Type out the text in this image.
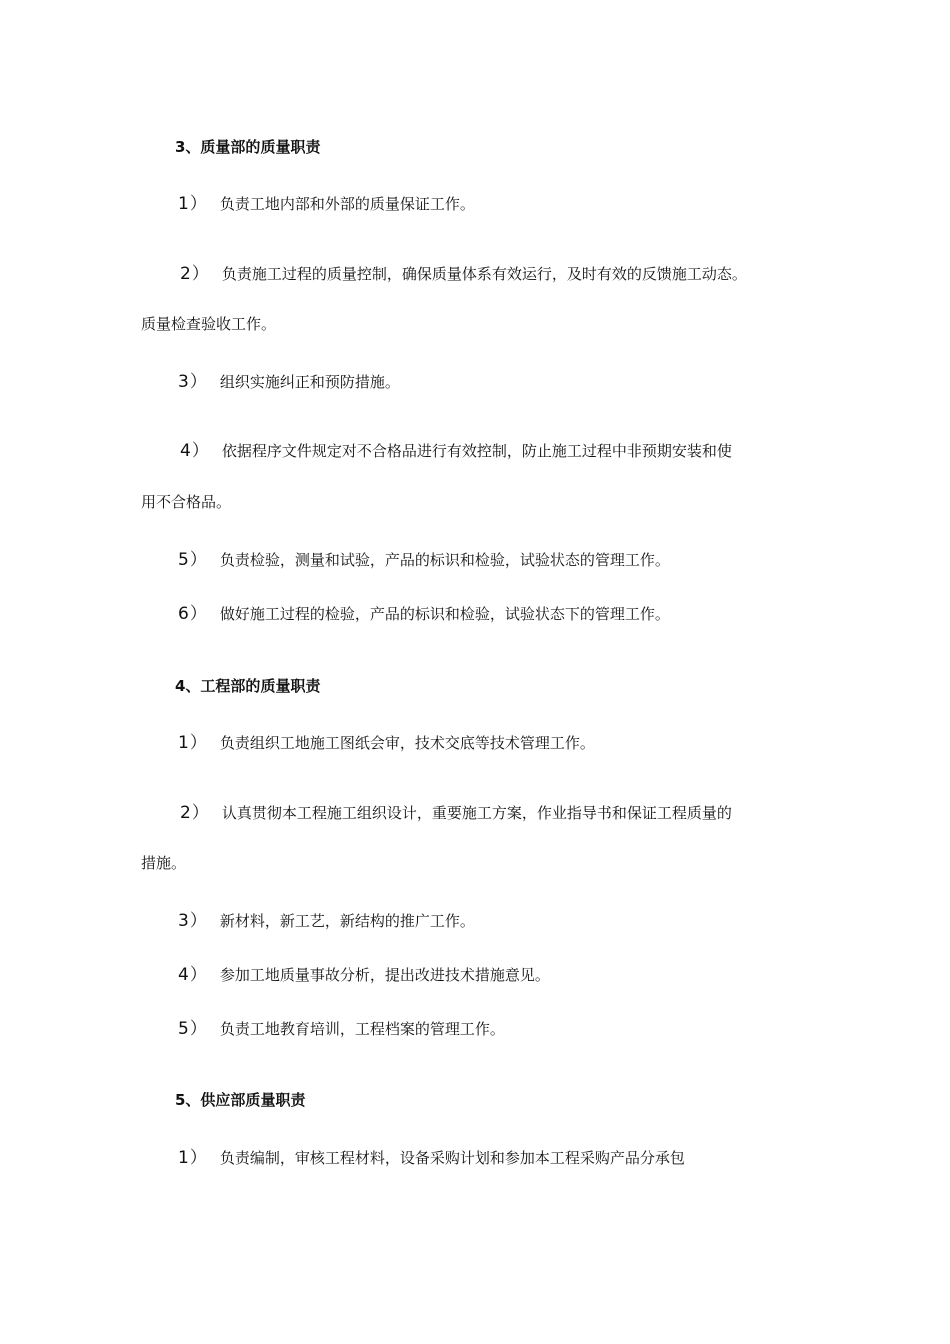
3、质量部的质量职责
1） 负责工地内部和外部的质量保证工作。
2） 负责施工过程的质量控制，确保质量体系有效运行，及时有效的反馈施工动态。
质量检查验收工作。
3） 组织实施纠正和预防措施。
4） 依据程序文件规定对不合格品进行有效控制，防止施工过程中非预期安装和使
用不合格品。
5） 负责检验，测量和试验，产品的标识和检验，试验状态的管理工作。
6） 做好施工过程的检验，产品的标识和检验，试验状态下的管理工作。
4、工程部的质量职责
1） 负责组织工地施工图纸会审，技术交底等技术管理工作。
2） 认真贯彻本工程施工组织设计，重要施工方案，作业指导书和保证工程质量的
措施。
3） 新材料，新工艺，新结构的推广工作。
4） 参加工地质量事故分析，提出改进技术措施意见。
5） 负责工地教育培训，工程档案的管理工作。
5、供应部质量职责
1） 负责编制，审核工程材料，设备采购计划和参加本工程采购产品分承包
